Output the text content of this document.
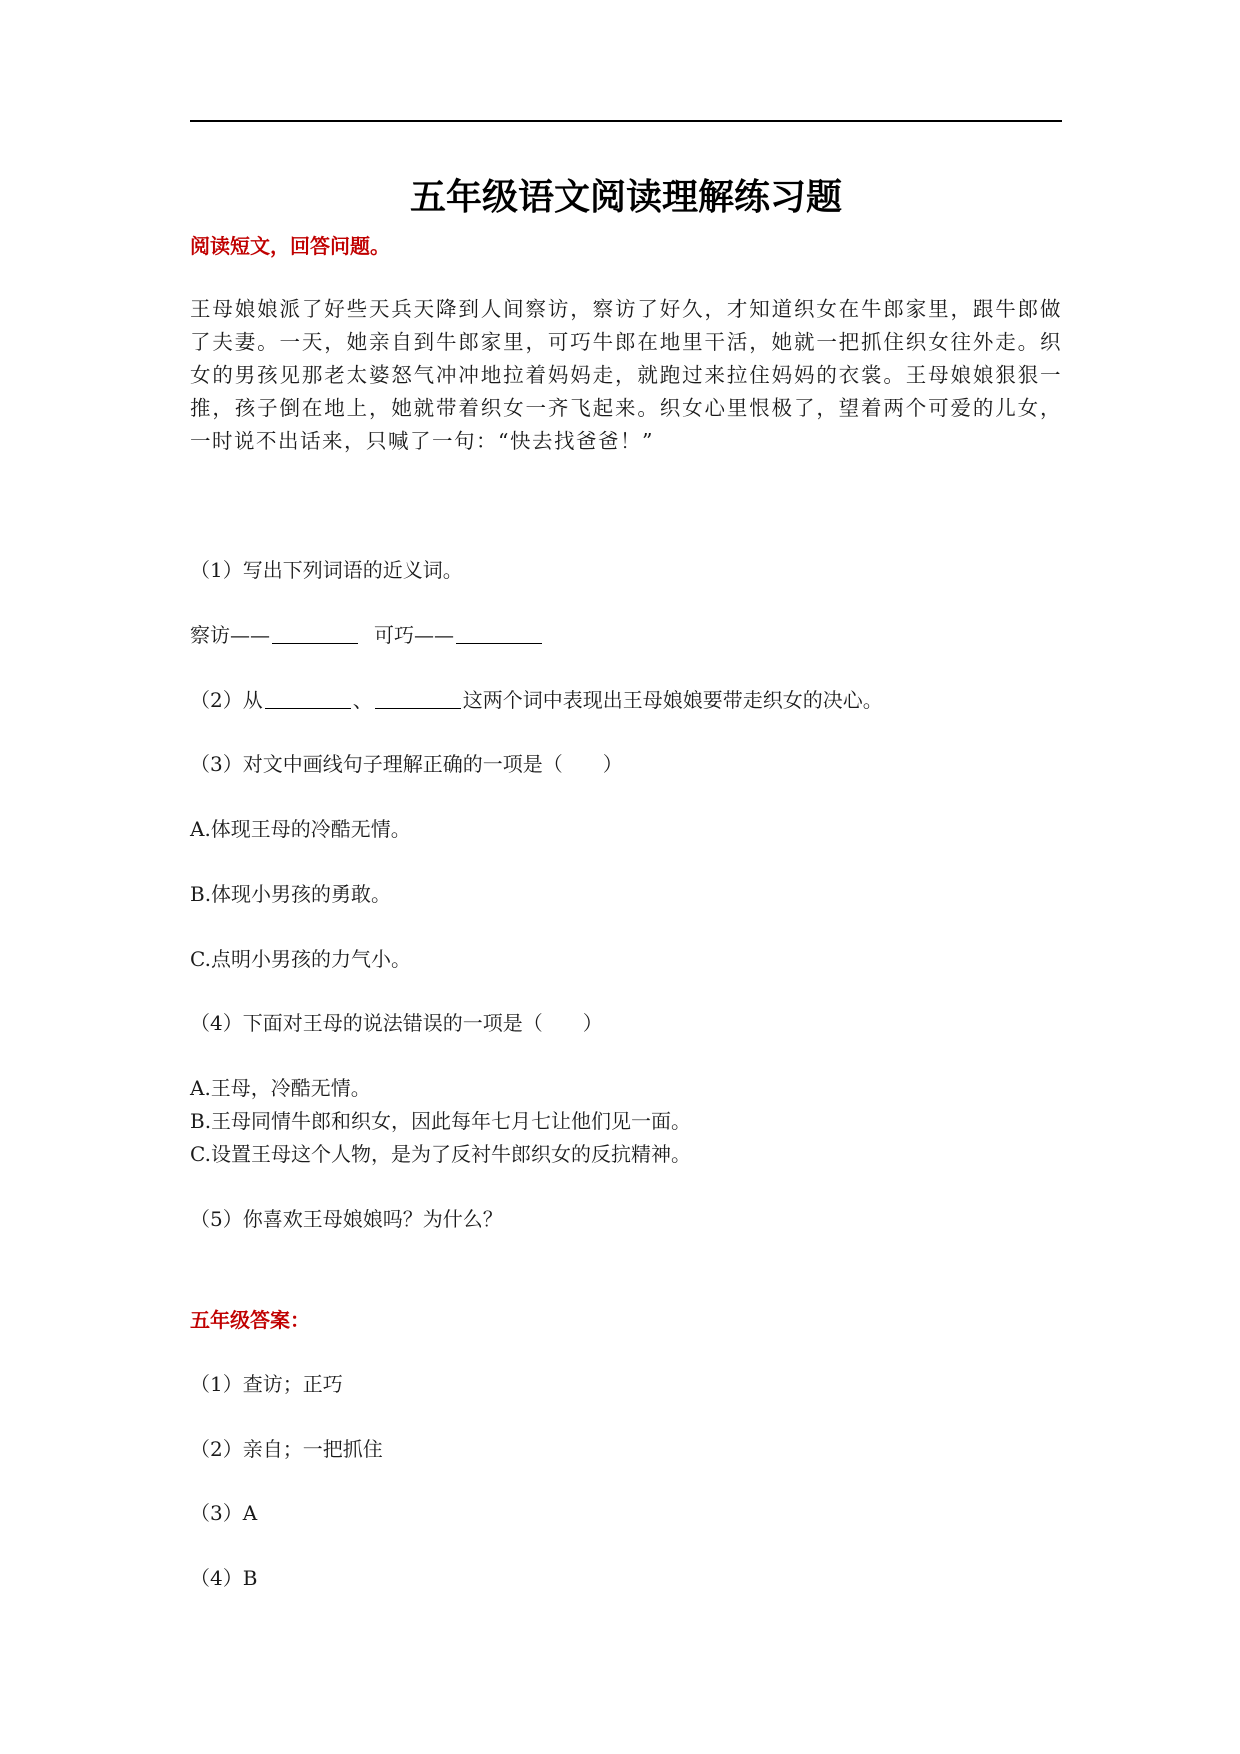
五年级语文阅读理解练习题
阅读短文，回答问题。

王母娘娘派了好些天兵天降到人间察访，察访了好久，才知道织女在牛郎家里，跟牛郎做了夫妻。一天，她亲自到牛郎家里，可巧牛郎在地里干活，她就一把抓住织女往外走。织女的男孩见那老太婆怒气冲冲地拉着妈妈走，就跑过来拉住妈妈的衣裳。王母娘娘狠狠一推，孩子倒在地上，她就带着织女一齐飞起来。织女心里恨极了，望着两个可爱的儿女，一时说不出话来，只喊了一句：“快去找爸爸！”

（1）写出下列词语的近义词。
察访——	可巧——
（2）从	、	这两个词中表现出王母娘娘要带走织女的决心。
（3）对文中画线句子理解正确的一项是（　　）
A.体现王母的冷酷无情。
B.体现小男孩的勇敢。
C.点明小男孩的力气小。
（4）下面对王母的说法错误的一项是（　　）
A.王母，冷酷无情。
B.王母同情牛郎和织女，因此每年七月七让他们见一面。
C.设置王母这个人物，是为了反衬牛郎织女的反抗精神。
（5）你喜欢王母娘娘吗？为什么？
五年级答案：
（1）查访；正巧
（2）亲自；一把抓住
（3）A
（4）B
